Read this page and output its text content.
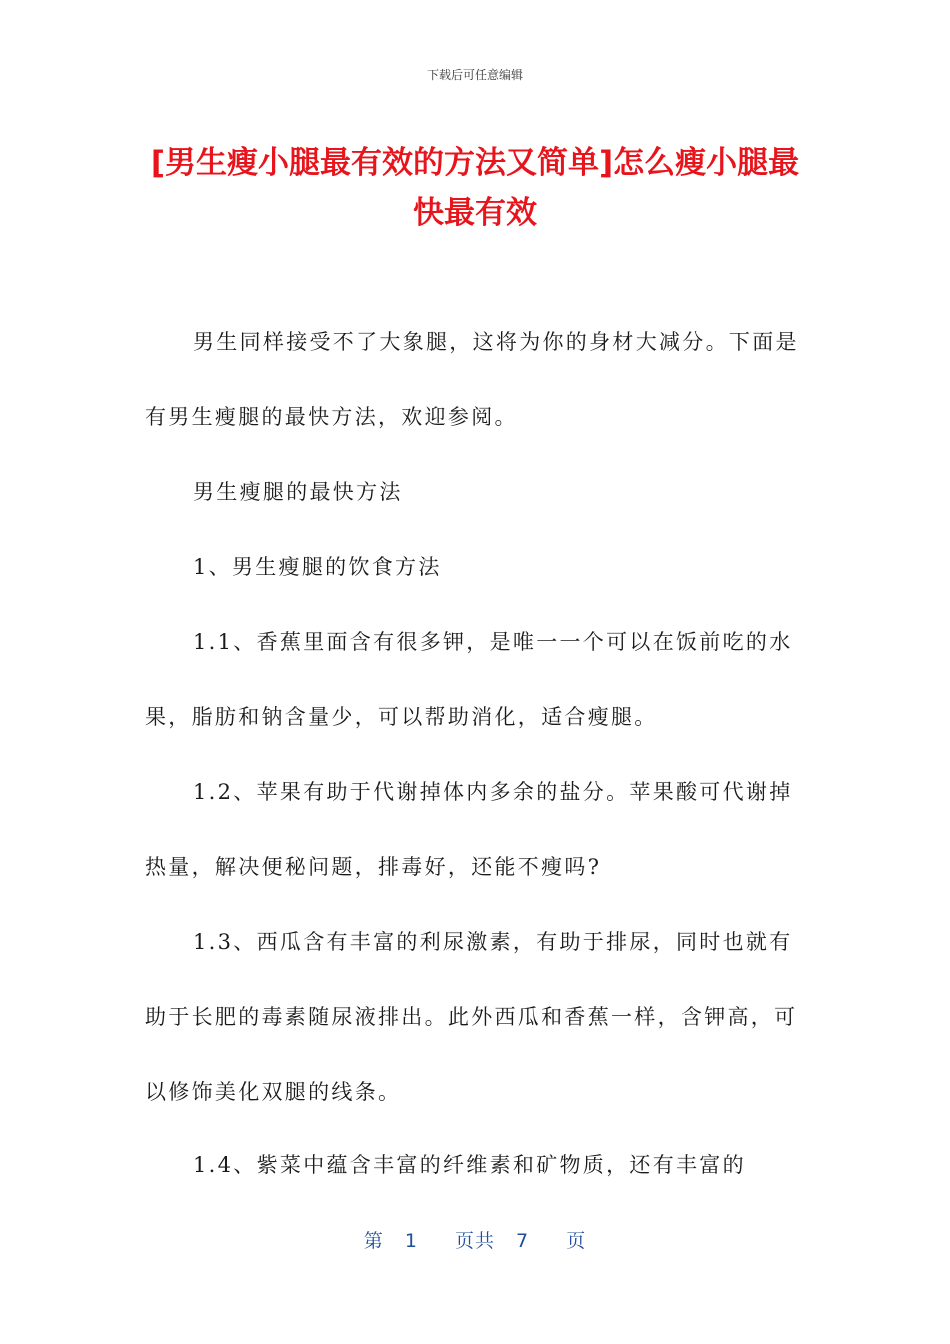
下载后可任意编辑
[男生瘦小腿最有效的方法又简单]怎么瘦小腿最快最有效

男生同样接受不了大象腿，这将为你的身材大减分。下面是有男生瘦腿的最快方法，欢迎参阅。

男生瘦腿的最快方法

1、男生瘦腿的饮食方法

1.1、香蕉里面含有很多钾，是唯一一个可以在饭前吃的水果，脂肪和钠含量少，可以帮助消化，适合瘦腿。

1.2、苹果有助于代谢掉体内多余的盐分。苹果酸可代谢掉热量，解决便秘问题，排毒好，还能不瘦吗?

1.3、西瓜含有丰富的利尿激素，有助于排尿，同时也就有助于长肥的毒素随尿液排出。此外西瓜和香蕉一样，含钾高，可以修饰美化双腿的线条。

1.4、紫菜中蕴含丰富的纤维素和矿物质，还有丰富的

第 1 页共 7 页
